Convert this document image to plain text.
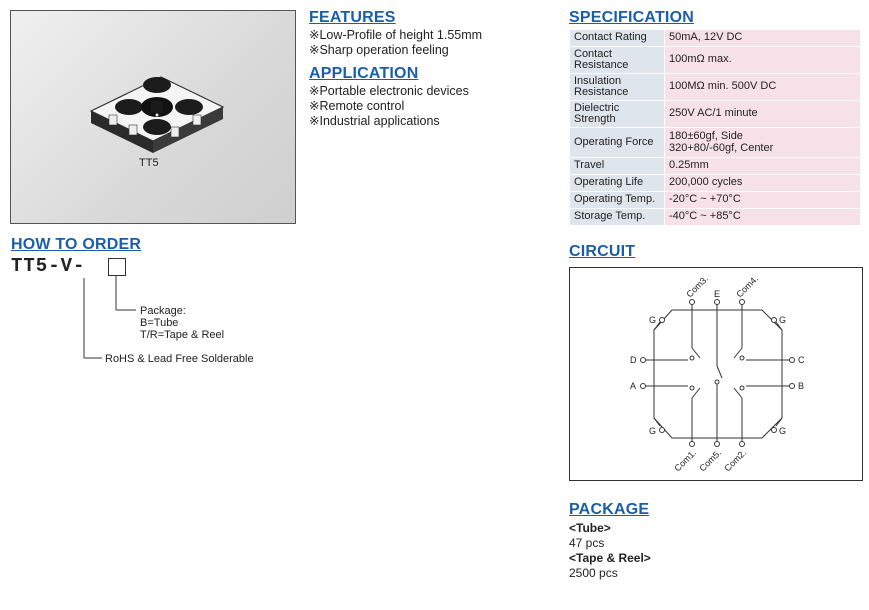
TT5
FEATURES
※Low-Profile of height 1.55mm
※Sharp operation feeling
APPLICATION
※Portable electronic devices
※Remote control
※Industrial applications
HOW TO ORDER
TT5-V-
Package:
B=Tube
T/R=Tape & Reel
RoHS & Lead Free Solderable
SPECIFICATION
Contact Rating	50mA, 12V DC
Contact Resistance	100mΩ max.
Insulation Resistance	100MΩ min. 500V DC
Dielectric Strength	250V AC/1 minute
Operating Force	180±60gf, Side
320+80/-60gf, Center

Travel	0.25mm
Operating Life	200,000 cycles
Operating Temp.	-20°C ~ +70°C
Storage Temp.	-40°C ~ +85°C
CIRCUIT
G	G
G	G
E
Com3.	Com4.
Com1. Com5. Com2.
D	C
A	B
PACKAGE
<Tube>
47 pcs
<Tape & Reel>
2500 pcs
